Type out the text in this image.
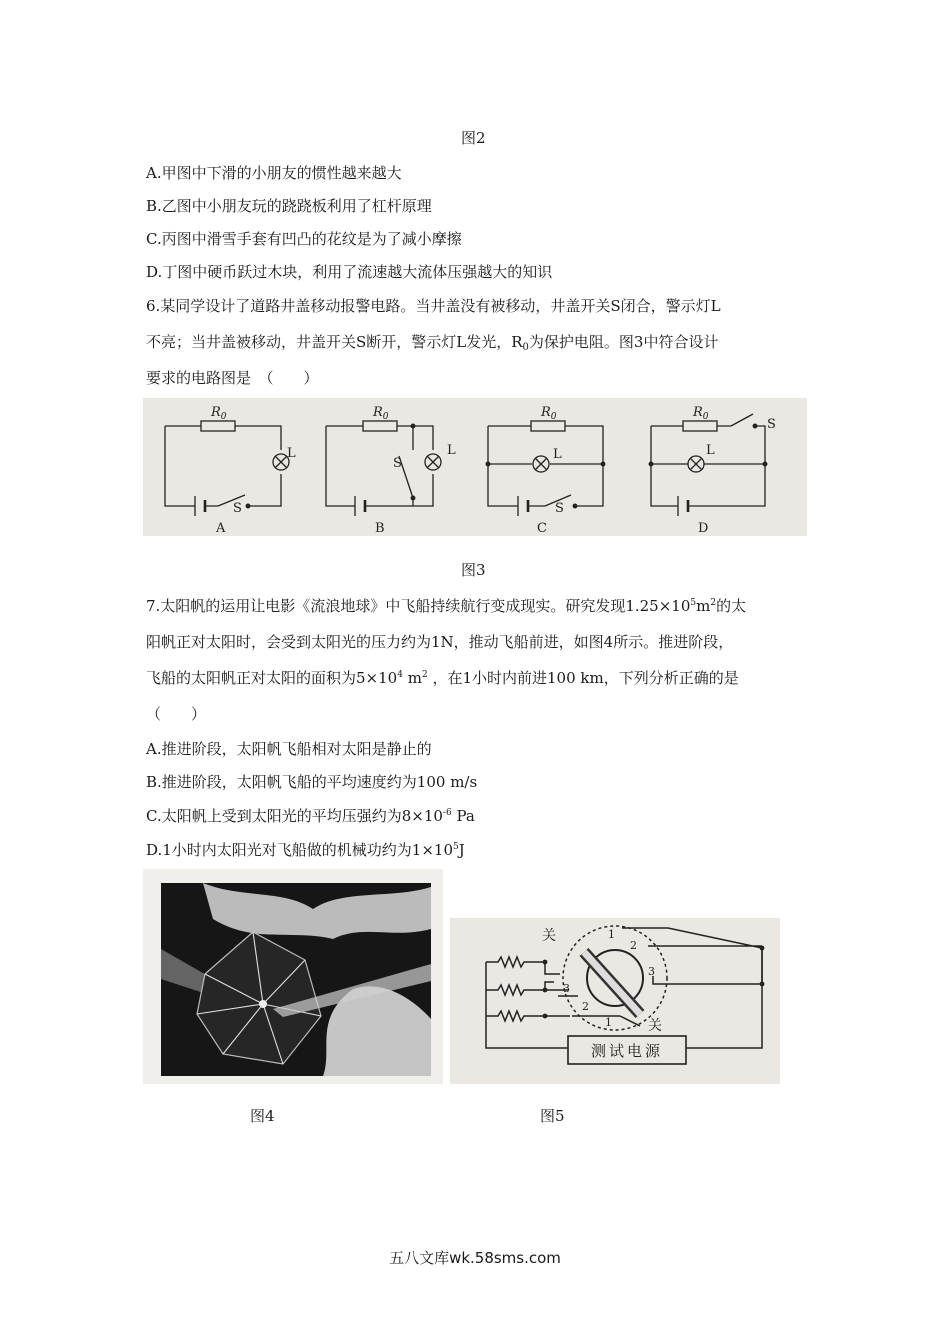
图2
A.甲图中下滑的小朋友的惯性越来越大
B.乙图中小朋友玩的跷跷板利用了杠杆原理
C.丙图中滑雪手套有凹凸的花纹是为了减小摩擦
D.丁图中硬币跃过木块，利用了流速越大流体压强越大的知识
6.某同学设计了道路井盖移动报警电路。当井盖没有被移动，井盖开关S闭合，警示灯L
不亮；当井盖被移动，井盖开关S断开，警示灯L发光，$R_0$为保护电阻。图3中符合设计
要求的电路图是　（　　）
$R_0$	$R_0$	$R_0$	$R_0$
L	L	L	L
S
S
S
S
A	B	C	D
图3
7.太阳帆的运用让电影《流浪地球》中飞船持续航行变成现实。研究发现$1.25\times 10^5m^2$的太
阳帆正对太阳时，会受到太阳光的压力约为1N，推动飞船前进，如图4所示。推进阶段，
飞船的太阳帆正对太阳的面积为$5\times 10^4$ $m^2$ ，在1小时内前进100 km，下列分析正确的是
（　　）
A.推进阶段，太阳帆飞船相对太阳是静止的
B.推进阶段，太阳帆飞船的平均速度约为100 m/s
C.太阳帆上受到太阳光的平均压强约为$8\times 10^{-6}$ Pa
D.1小时内太阳光对飞船做的机械功约为$1\times 10^5J$
测试电源
关
关
1
2
3
3
2
1
图4	图5
五八文库wk.58sms.com
